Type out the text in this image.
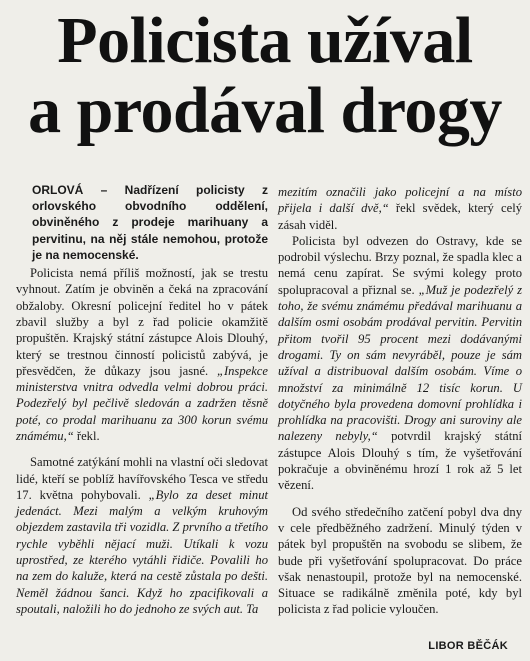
Policista užíval
a prodával drogy
ORLOVÁ – Nadřízení policisty z orlovského obvodního oddělení, obviněného z prodeje marihuany a pervitinu, na něj stále nemohou, protože je na nemocenské.

Policista nemá příliš možností, jak se trestu vyhnout. Zatím je obviněn a čeká na zpracování obžaloby. Okresní policejní ředitel ho v pátek zbavil služby a byl z řad policie okamžitě propuštěn. Krajský státní zástupce Alois Dlouhý, který se trestnou činností policistů zabývá, je přesvědčen, že důkazy jsou jasné. „Inspekce ministerstva vnitra odvedla velmi dobrou práci. Podezřelý byl pečlivě sledován a zadržen těsně poté, co prodal marihuanu za 300 korun svému známému,“ řekl.

Samotné zatýkání mohli na vlastní oči sledovat lidé, kteří se poblíž havířovského Tesca ve středu 17. května pohybovali. „Bylo za deset minut jedenáct. Mezi malým a velkým kruhovým objezdem zastavila tři vozidla. Z prvního a třetího rychle vyběhli nějací muži. Utíkali k vozu uprostřed, ze kterého vytáhli řidiče. Povalili ho na zem do kaluže, která na cestě zůstala po dešti. Neměl žádnou šanci. Když ho zpacifikovali a spoutali, naložili ho do jednoho ze svých aut. Ta

mezitím označili jako policejní a na místo přijela i další dvě,“ řekl svědek, který celý zásah viděl.

Policista byl odvezen do Ostravy, kde se podrobil výslechu. Brzy poznal, že spadla klec a nemá cenu zapírat. Se svými kolegy proto spolupracoval a přiznal se. „Muž je podezřelý z toho, že svému známému předával marihuanu a dalším osmi osobám prodával pervitin. Pervitin přitom tvořil 95 procent mezi dodávanými drogami. Ty on sám nevyráběl, pouze je sám užíval a distribuoval dalším osobám. Víme o množství za minimálně 12 tisíc korun. U dotyčného byla provedena domovní prohlídka i prohlídka na pracovišti. Drogy ani suroviny ale nalezeny nebyly,“ potvrdil krajský státní zástupce Alois Dlouhý s tím, že vyšetřování pokračuje a obviněnému hrozí 1 rok až 5 let vězení.

Od svého středečního zatčení pobyl dva dny v cele předběžného zadržení. Minulý týden v pátek byl propuštěn na svobodu se slibem, že bude při vyšetřování spolupracovat. Do práce však nenastoupil, protože byl na nemocenské. Situace se radikálně změnila poté, kdy byl policista z řad policie vyloučen.

LIBOR BĚČÁK
